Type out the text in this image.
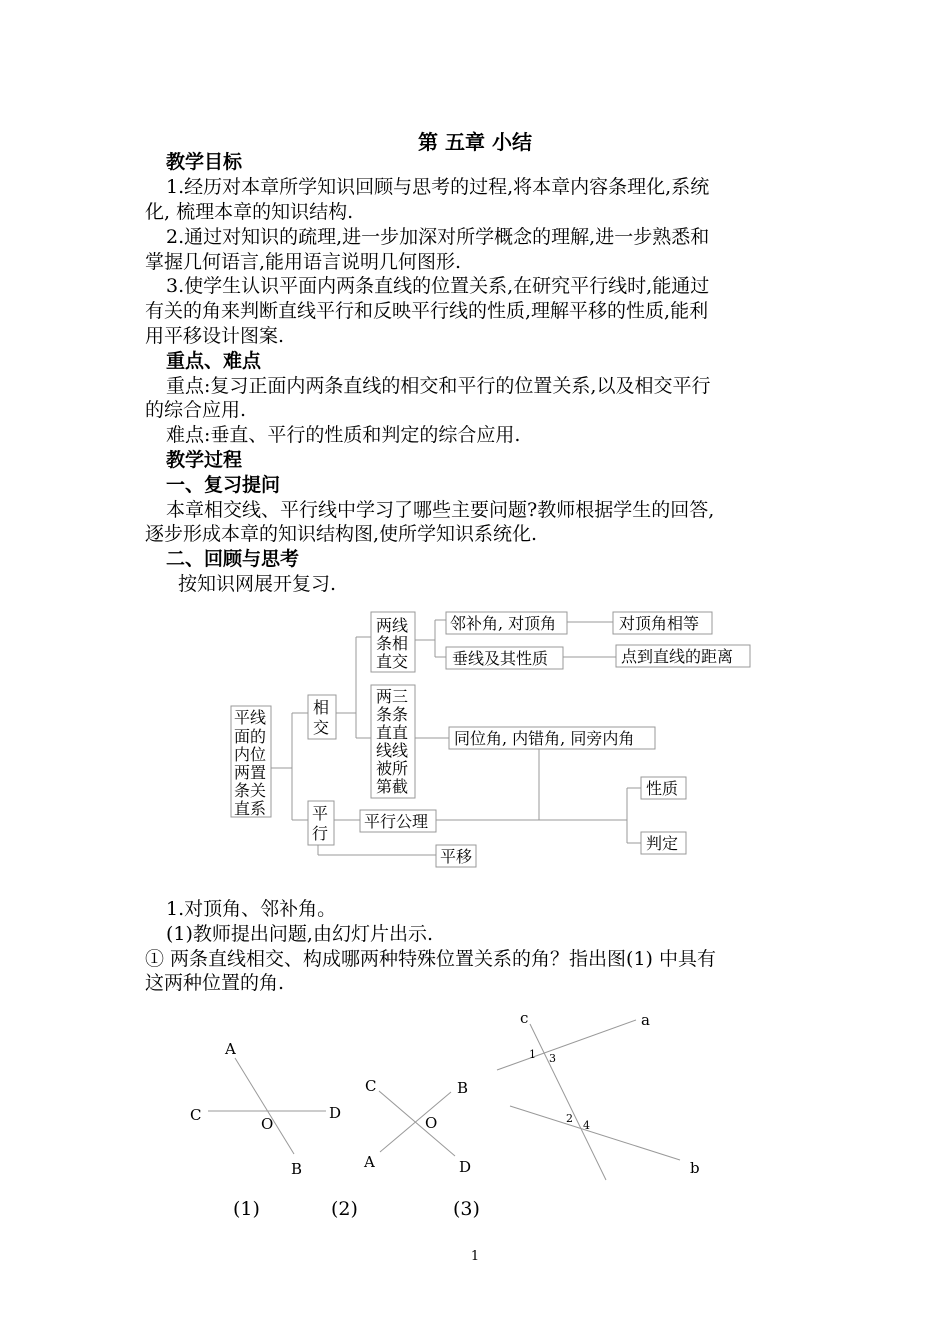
第 五章 小结
教学目标
1.经历对本章所学知识回顾与思考的过程,将本章内容条理化,系统
化, 梳理本章的知识结构.
2.通过对知识的疏理,进一步加深对所学概念的理解,进一步熟悉和
掌握几何语言,能用语言说明几何图形.
3.使学生认识平面内两条直线的位置关系,在研究平行线时,能通过
有关的角来判断直线平行和反映平行线的性质,理解平移的性质,能利
用平移设计图案.
重点、难点
重点:复习正面内两条直线的相交和平行的位置关系,以及相交平行
的综合应用.
难点:垂直、平行的性质和判定的综合应用.
教学过程
一、复习提问
本章相交线、平行线中学习了哪些主要问题?教师根据学生的回答,
逐步形成本章的知识结构图,使所学知识系统化.
二、回顾与思考
按知识网展开复习.
平线
面的
内位
两置
条关
直系
相
交
平
行
两线
条相
直交
两三
条条
直直
线线
被所
第截
邻补角, 对顶角	对顶角相等
垂线及其性质	点到直线的距离
同位角, 内错角, 同旁内角
平行公理
平移
性质
判定
A
B
C	D
O
A
B
C
D
O
a
b
c
1
2
3
4
1.对顶角、邻补角。
(1)教师提出问题,由幻灯片出示.
① 两条直线相交、构成哪两种特殊位置关系的角？指出图(1) 中具有
这两种位置的角.
(1)	(2)	(3)
1
